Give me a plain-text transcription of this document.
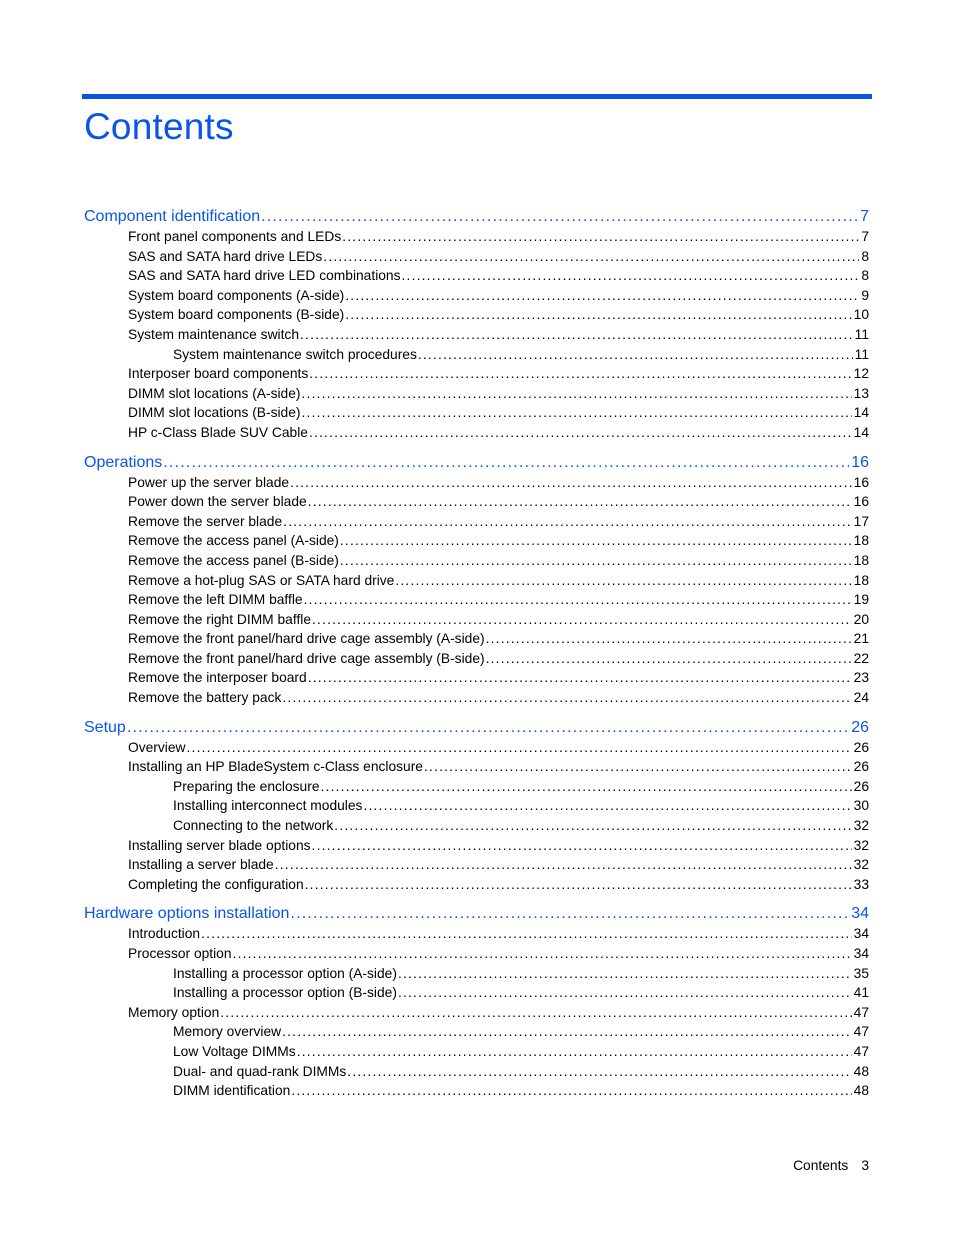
Contents
Component identification .....	7
Front panel components and LEDs .....	7
SAS and SATA hard drive LEDs .....	8
SAS and SATA hard drive LED combinations .....	8
System board components (A-side) .....	9
System board components (B-side) .....	10
System maintenance switch .....	11
System maintenance switch procedures .....	11
Interposer board components .....	12
DIMM slot locations (A-side) .....	13
DIMM slot locations (B-side) .....	14
HP c-Class Blade SUV Cable .....	14
Operations .....	16
Power up the server blade .....	16
Power down the server blade .....	16
Remove the server blade .....	17
Remove the access panel (A-side) .....	18
Remove the access panel (B-side) .....	18
Remove a hot-plug SAS or SATA hard drive .....	18
Remove the left DIMM baffle .....	19
Remove the right DIMM baffle .....	20
Remove the front panel/hard drive cage assembly (A-side) .....	21
Remove the front panel/hard drive cage assembly (B-side) .....	22
Remove the interposer board .....	23
Remove the battery pack .....	24
Setup .....	26
Overview .....	26
Installing an HP BladeSystem c-Class enclosure .....	26
Preparing the enclosure .....	26
Installing interconnect modules .....	30
Connecting to the network .....	32
Installing server blade options .....	32
Installing a server blade .....	32
Completing the configuration .....	33
Hardware options installation .....	34
Introduction .....	34
Processor option .....	34
Installing a processor option (A-side) .....	35
Installing a processor option (B-side) .....	41
Memory option .....	47
Memory overview .....	47
Low Voltage DIMMs .....	47
Dual- and quad-rank DIMMs .....	48
DIMM identification .....	48
Contents 3
